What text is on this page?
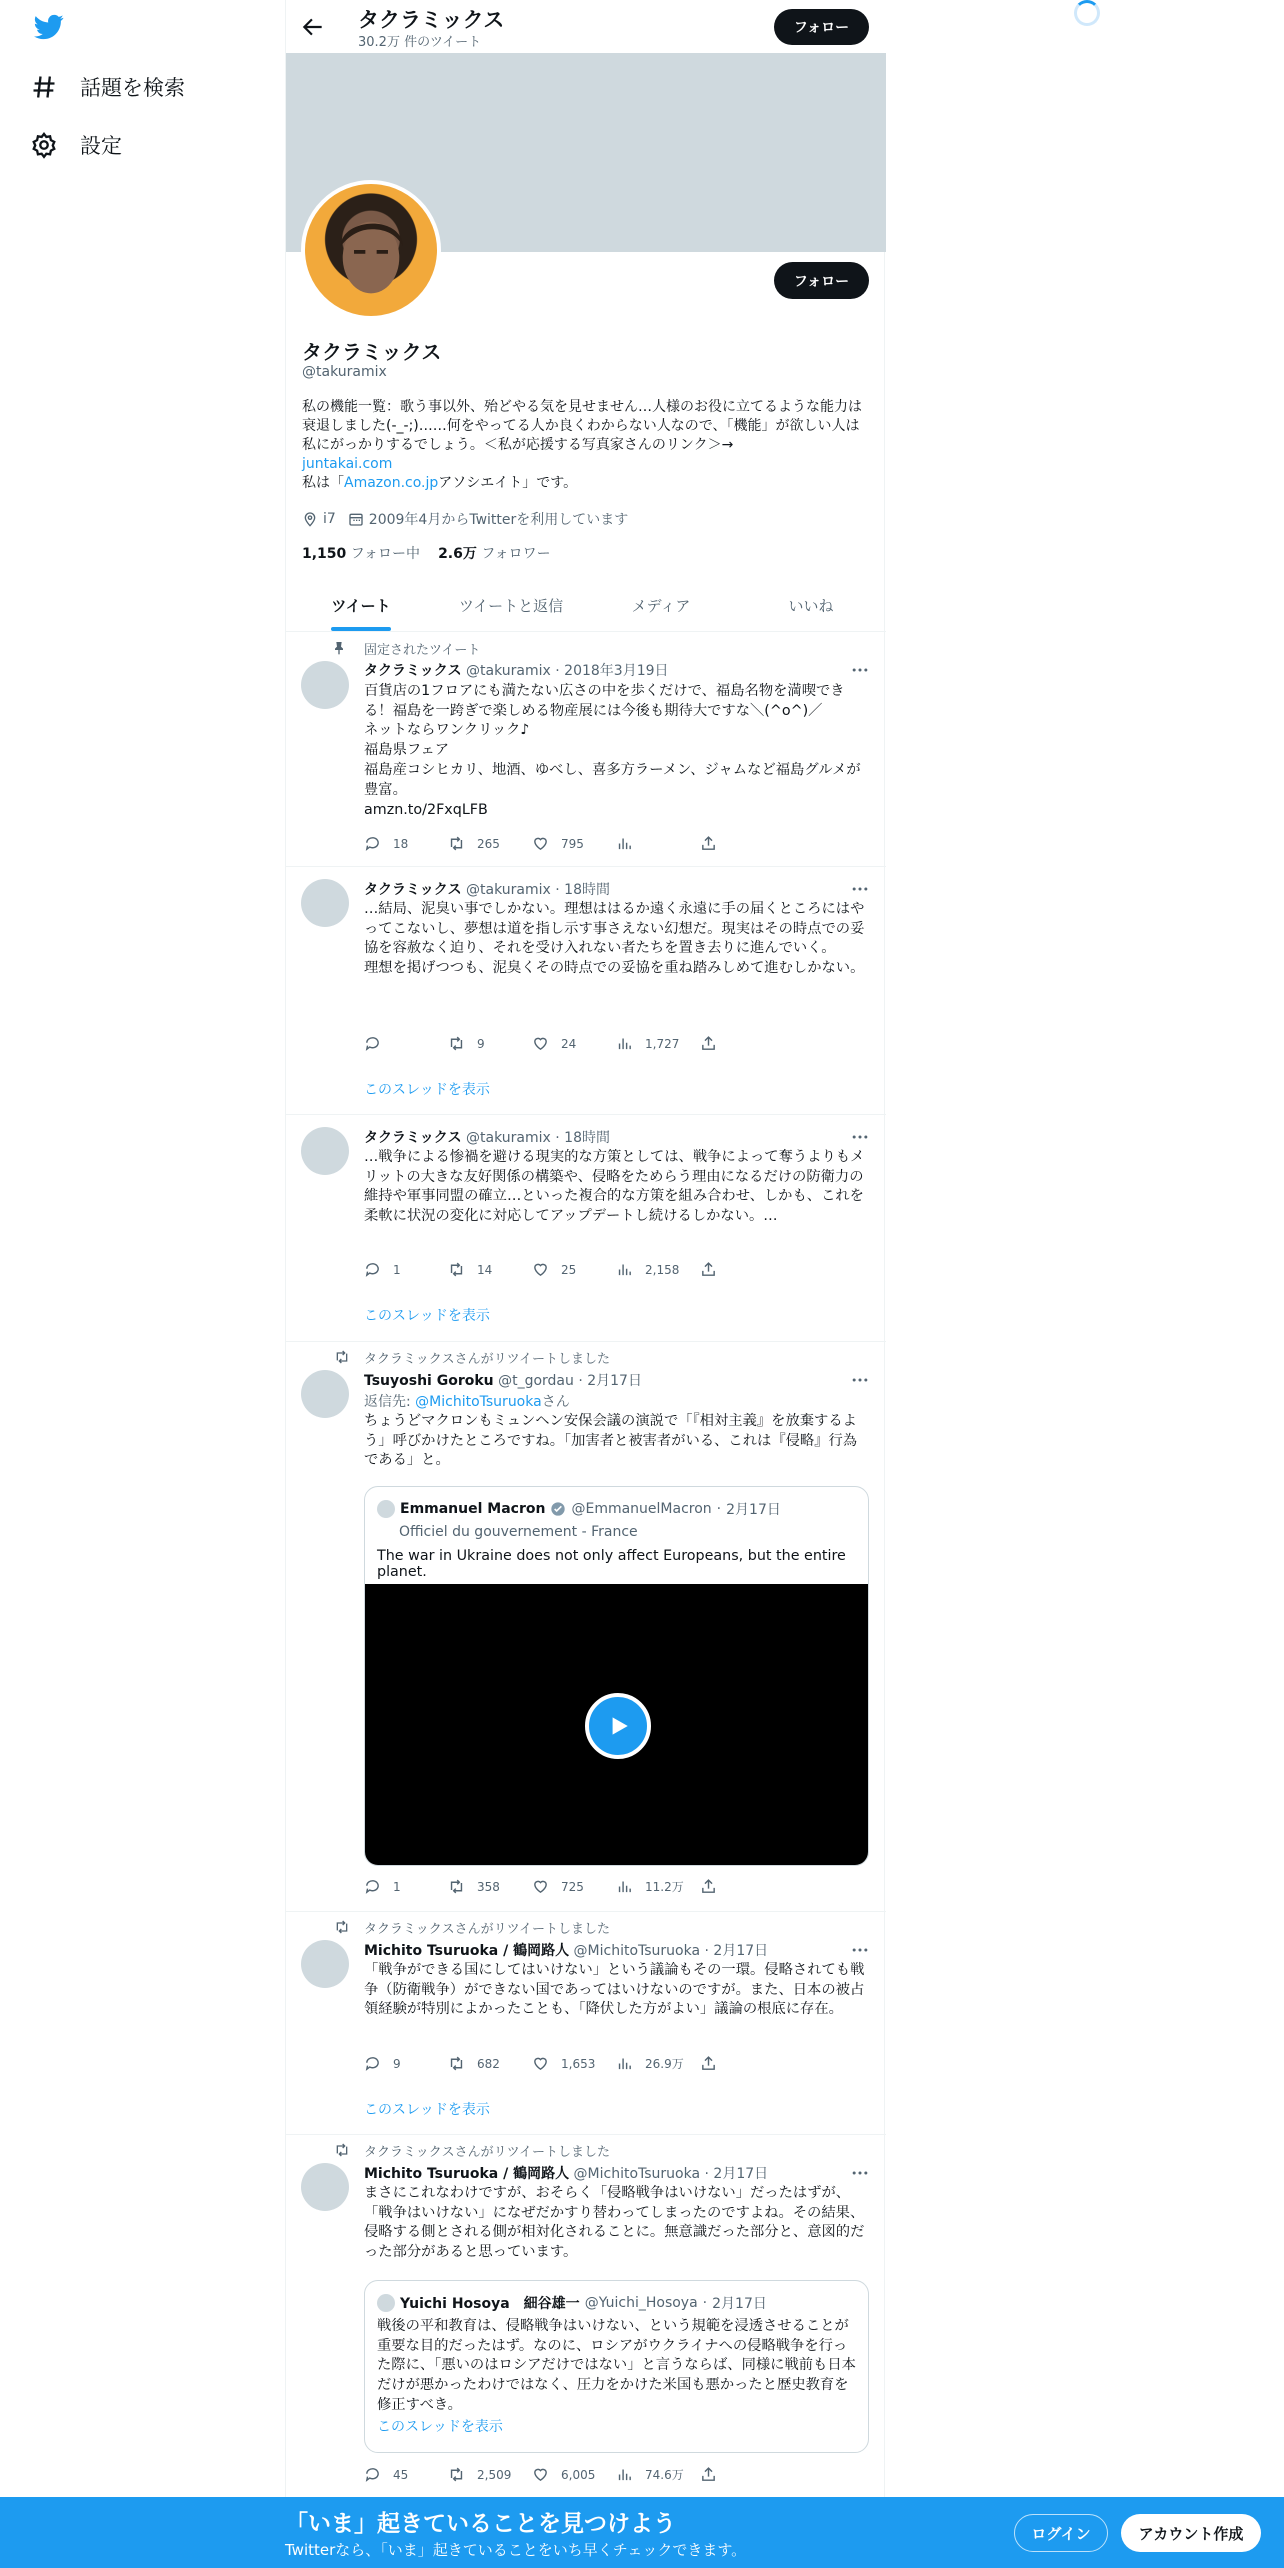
話題を検索
設定
タクラミックス
30.2万 件のツイート
フォロー
フォロー
タクラミックス
@takuramix
私の機能一覧：歌う事以外、殆どやる気を見せません…人様のお役に立てるような能力は衰退しました(-_-;)……何をやってる人か良くわからない人なので、「機能」が欲しい人は私にがっかりするでしょう。＜私が応援する写真家さんのリンク＞→
juntakai.com
私は「Amazon.co.jpアソシエイト」です。
i7 2009年4月からTwitterを利用しています
1,150 フォロー中 2.6万 フォロワー
ツイート	ツイートと返信	メディア	いいね
固定されたツイート
タクラミックス @takuramix · 2018年3月19日
百貨店の1フロアにも満たない広さの中を歩くだけで、福島名物を満喫できる！福島を一跨ぎで楽しめる物産展には今後も期待大ですな＼(^o^)／
ネットならワンクリック♪
福島県フェア
福島産コシヒカリ、地酒、ゆべし、喜多方ラーメン、ジャムなど福島グルメが豊富。
amzn.to/2FxqLFB
18	265	795
タクラミックス @takuramix · 18時間
…結局、泥臭い事でしかない。理想ははるか遠く永遠に手の届くところにはやってこないし、夢想は道を指し示す事さえない幻想だ。現実はその時点での妥協を容赦なく迫り、それを受け入れない者たちを置き去りに進んでいく。
理想を掲げつつも、泥臭くその時点での妥協を重ね踏みしめて進むしかない。
9	24	1,727
このスレッドを表示
タクラミックス @takuramix · 18時間
…戦争による惨禍を避ける現実的な方策としては、戦争によって奪うよりもメリットの大きな友好関係の構築や、侵略をためらう理由になるだけの防衛力の維持や軍事同盟の確立…といった複合的な方策を組み合わせ、しかも、これを柔軟に状況の変化に対応してアップデートし続けるしかない。…
1	14	25	2,158
このスレッドを表示
タクラミックスさんがリツイートしました
Tsuyoshi Goroku @t_gordau · 2月17日
返信先: @MichitoTsuruokaさん
ちょうどマクロンもミュンヘン安保会議の演説で「『相対主義』を放棄するよう」呼びかけたところですね。「加害者と被害者がいる、これは『侵略』行為である」と。
Emmanuel Macron @EmmanuelMacron · 2月17日
Officiel du gouvernement - France
The war in Ukraine does not only affect Europeans, but the entire planet.
1	358	725	11.2万
タクラミックスさんがリツイートしました
Michito Tsuruoka / 鶴岡路人 @MichitoTsuruoka · 2月17日
「戦争ができる国にしてはいけない」という議論もその一環。侵略されても戦争（防衛戦争）ができない国であってはいけないのですが。また、日本の被占領経験が特別によかったことも、「降伏した方がよい」議論の根底に存在。
9	682	1,653	26.9万
このスレッドを表示
タクラミックスさんがリツイートしました
Michito Tsuruoka / 鶴岡路人 @MichitoTsuruoka · 2月17日
まさにこれなわけですが、おそらく「侵略戦争はいけない」だったはずが、「戦争はいけない」になぜだかすり替わってしまったのですよね。その結果、侵略する側とされる側が相対化されることに。無意識だった部分と、意図的だった部分があると思っています。
Yuichi Hosoya　細谷雄一 @Yuichi_Hosoya · 2月17日
戦後の平和教育は、侵略戦争はいけない、という規範を浸透させることが重要な目的だったはず。なのに、ロシアがウクライナへの侵略戦争を行った際に、「悪いのはロシアだけではない」と言うならば、同様に戦前も日本だけが悪かったわけではなく、圧力をかけた米国も悪かったと歴史教育を修正すべき。
このスレッドを表示
45	2,509	6,005	74.6万
「いま」起きていることを見つけよう
Twitterなら、「いま」起きていることをいち早くチェックできます。
ログイン	アカウント作成
